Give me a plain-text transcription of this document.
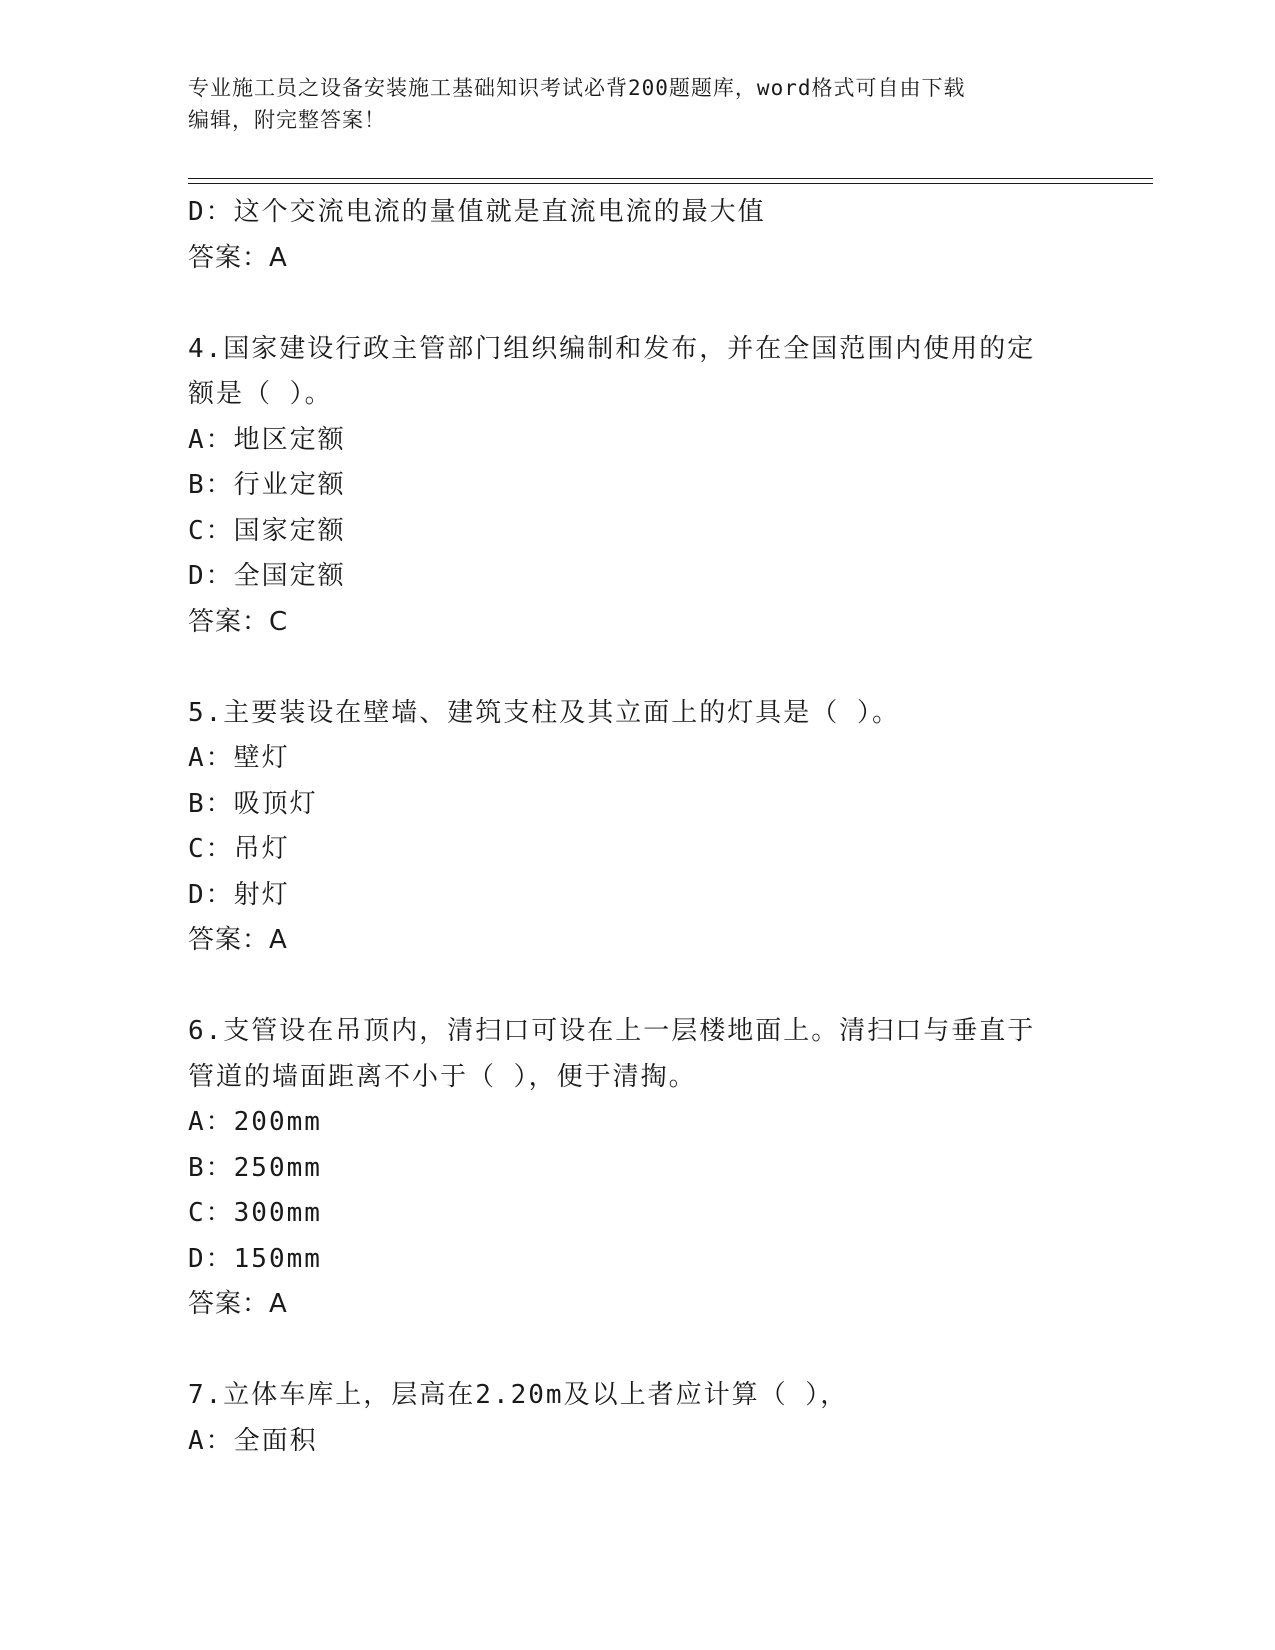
专业施工员之设备安装施工基础知识考试必背200题题库，word格式可自由下载
编辑，附完整答案！
D：这个交流电流的量值就是直流电流的最大值
答案：A
4.国家建设行政主管部门组织编制和发布，并在全国范围内使用的定
额是（ ）。
A：地区定额
B：行业定额
C：国家定额
D：全国定额
答案：C
5.主要装设在壁墙、建筑支柱及其立面上的灯具是（ ）。
A：壁灯
B：吸顶灯
C：吊灯
D：射灯
答案：A
6.支管设在吊顶内，清扫口可设在上一层楼地面上。清扫口与垂直于
管道的墙面距离不小于（ ），便于清掏。
A：200mm
B：250mm
C：300mm
D：150mm
答案：A
7.立体车库上，层高在2.20m及以上者应计算（ ），
A：全面积
